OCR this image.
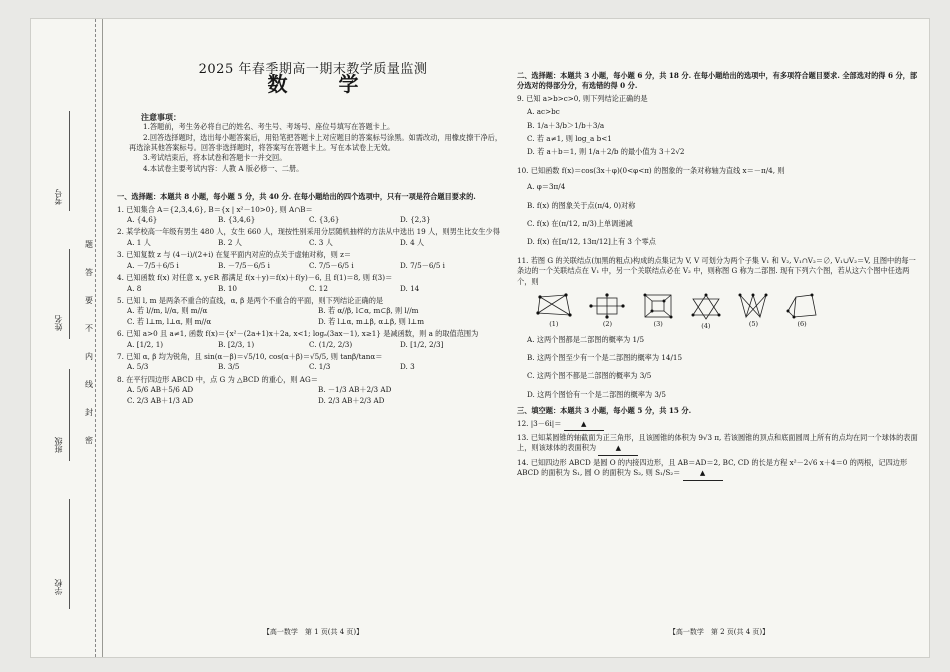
考号
姓名
班级
学校
题
答
要
不
内
线
封
密
2025 年春季期高一期末教学质量监测
数 学
注意事项：
1.答题前，考生务必将自己的姓名、考生号、考场号、座位号填写在答题卡上。
2.回答选择题时，选出每小题答案后，用铅笔把答题卡上对应题目的答案标号涂黑。如需改动，用橡皮擦干净后，再选涂其他答案标号。回答非选择题时，将答案写在答题卡上。写在本试卷上无效。
3.考试结束后，将本试卷和答题卡一并交回。
4.本试卷主要考试内容：人教 A 版必修一、二册。
一、选择题：本题共 8 小题，每小题 5 分，共 40 分. 在每小题给出的四个选项中，只有一项是符合题目要求的.
1. 已知集合 A＝{2,3,4,6}, B＝{x | x²－10>0}, 则 A∩B＝
A. {4,6}	B. {3,4,6}	C. {3,6}	D. {2,3}
2. 某学校高一年级有男生 480 人，女生 660 人，现按性别采用分层随机抽样的方法从中选出 19 人，则男生比女生少得
A. 1 人	B. 2 人	C. 3 人	D. 4 人
3. 已知复数 z 与 (4－i)/(2+i) 在复平面内对应的点关于虚轴对称，则 z＝
A. －7/5＋6/5 i	B. －7/5－6/5 i	C. 7/5－6/5 i	D. 7/5－6/5 i
4. 已知函数 f(x) 对任意 x, y∈R 都满足 f(x＋y)＝f(x)＋f(y)－6, 且 f(1)＝8, 则 f(3)＝
A. 8	B. 10	C. 12	D. 14
5. 已知 l, m 是两条不重合的直线，α, β 是两个不重合的平面，则下列结论正确的是
A. 若 l//m, l//α, 则 m//α	B. 若 α//β, l⊂α, m⊂β, 则 l//m
C. 若 l⊥m, l⊥α, 则 m//α	D. 若 l⊥α, m⊥β, α⊥β, 则 l⊥m
6. 已知 a>0 且 a≠1, 函数 f(x)＝{x²－(2a+1)x＋2a, x<1; logₐ(3ax－1), x≥1} 是减函数，则 a 的取值范围为
A. [1/2, 1)	B. [2/3, 1)	C. (1/2, 2/3)	D. [1/2, 2/3]
7. 已知 α, β 均为锐角，且 sin(α－β)＝√5/10, cos(α＋β)＝√5/5, 则 tanβ/tanα＝
A. 5/3	B. 3/5	C. 1/3	D. 3
8. 在平行四边形 ABCD 中，点 G 为 △BCD 的重心，则 AG＝
A. 5/6 AB＋5/6 AD	B. －1/3 AB＋2/3 AD
C. 2/3 AB＋1/3 AD	D. 2/3 AB＋2/3 AD
【高一数学　第 1 页(共 4 页)】
二、选择题：本题共 3 小题，每小题 6 分，共 18 分. 在每小题给出的选项中，有多项符合题目要求. 全部选对的得 6 分，部分选对的得部分分，有选错的得 0 分.
9. 已知 a>b>c>0, 则下列结论正确的是
A. ac>bc
B. 1/a＋3/b＞1/b＋3/a
C. 若 a≠1, 则 log_a b<1
D. 若 a＋b＝1, 则 1/a＋2/b 的最小值为 3＋2√2
10. 已知函数 f(x)＝cos(3x＋φ)(0<φ<π) 的图象的一条对称轴为直线 x＝－π/4, 则
A. φ＝3π/4
B. f(x) 的图象关于点(π/4, 0)对称
C. f(x) 在(π/12, π/3)上单调递减
D. f(x) 在[π/12, 13π/12]上有 3 个零点
11. 若图 G 的关联结点(加黑的粗点)构成的点集记为 V, V 可划分为两个子集 V₁ 和 V₂, V₁∩V₂＝∅, V₁∪V₂＝V, 且图中的每一条边的一个关联结点在 V₁ 中，另一个关联结点必在 V₂ 中，则称图 G 称为二部图. 现有下列六个图，若从这六个图中任选两个，则
(1)	(2)	(3)	(4)	(5)	(6)
A. 这两个图都是二部图的概率为 1/5
B. 这两个图至少有一个是二部图的概率为 14/15
C. 这两个图不都是二部图的概率为 3/5
D. 这两个图恰有一个是二部图的概率为 3/5
三、填空题：本题共 3 小题，每小题 5 分，共 15 分.
12. |3－6i|＝	▲
13. 已知某圆锥的轴截面为正三角形，且该圆锥的体积为 9√3 π, 若该圆锥的顶点和底面圆周上所有的点均在同一个球体的表面上，则该球体的表面积为	▲
14. 已知四边形 ABCD 是圆 O 的内接四边形，且 AB＝AD＝2, BC, CD 的长是方程 x²－2√6 x＋4＝0 的两根，记四边形 ABCD 的面积为 S₁, 圆 O 的面积为 S₂, 则 S₁/S₂＝	▲
【高一数学　第 2 页(共 4 页)】
